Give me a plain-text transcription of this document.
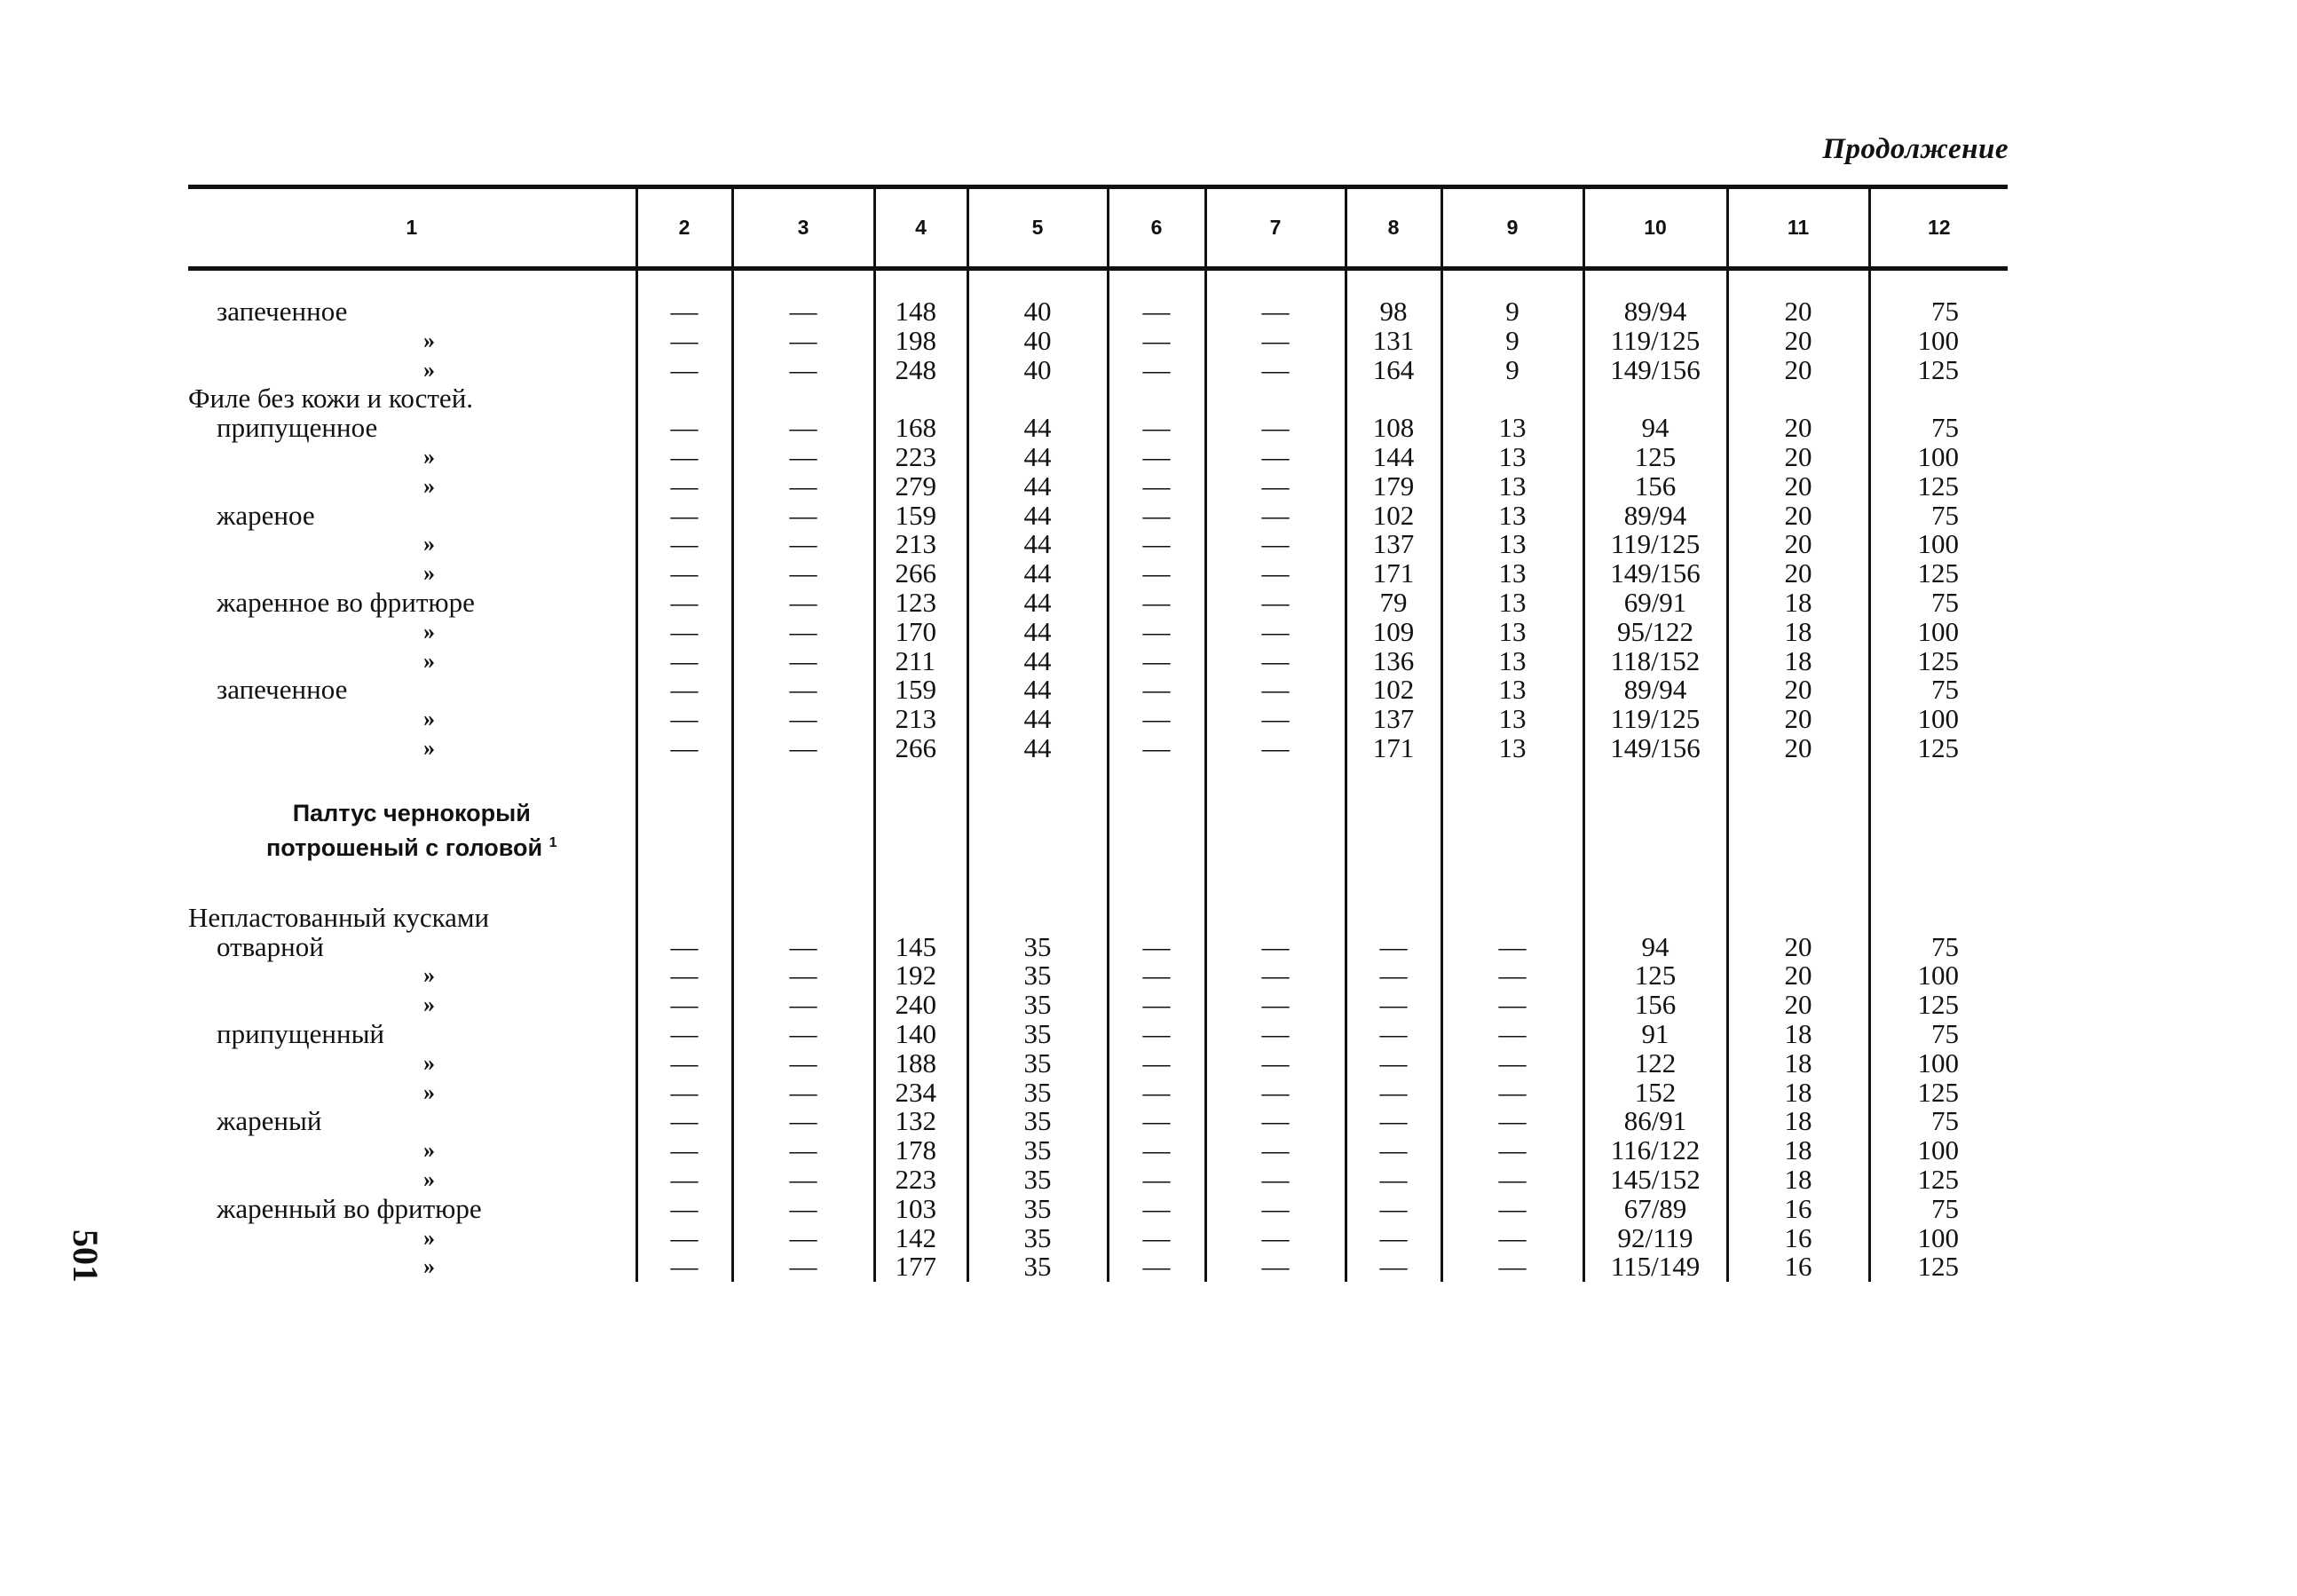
Продолжение
501
1	2	3	4	5	6	7	8	9	10	11	12

запеченное	—	—	148	40	—	—	98	9	89/94	20	75
»	—	—	198	40	—	—	131	9	119/125	20	100
»	—	—	248	40	—	—	164	9	149/156	20	125
Филе без кожи и костей.											
припущенное	—	—	168	44	—	—	108	13	94	20	75
»	—	—	223	44	—	—	144	13	125	20	100
»	—	—	279	44	—	—	179	13	156	20	125
жареное	—	—	159	44	—	—	102	13	89/94	20	75
»	—	—	213	44	—	—	137	13	119/125	20	100
»	—	—	266	44	—	—	171	13	149/156	20	125
жаренное во фритюре	—	—	123	44	—	—	79	13	69/91	18	75
»	—	—	170	44	—	—	109	13	95/122	18	100
»	—	—	211	44	—	—	136	13	118/152	18	125
запеченное	—	—	159	44	—	—	102	13	89/94	20	75
»	—	—	213	44	—	—	137	13	119/125	20	100
»	—	—	266	44	—	—	171	13	149/156	20	125

Палтус чернокорый
потрошеный с головой $^1$

Непластованный кусками											
отварной	—	—	145	35	—	—	—	—	94	20	75
»	—	—	192	35	—	—	—	—	125	20	100
»	—	—	240	35	—	—	—	—	156	20	125
припущенный	—	—	140	35	—	—	—	—	91	18	75
»	—	—	188	35	—	—	—	—	122	18	100
»	—	—	234	35	—	—	—	—	152	18	125
жареный	—	—	132	35	—	—	—	—	86/91	18	75
»	—	—	178	35	—	—	—	—	116/122	18	100
»	—	—	223	35	—	—	—	—	145/152	18	125
жаренный во фритюре	—	—	103	35	—	—	—	—	67/89	16	75
»	—	—	142	35	—	—	—	—	92/119	16	100
»	—	—	177	35	—	—	—	—	115/149	16	125
